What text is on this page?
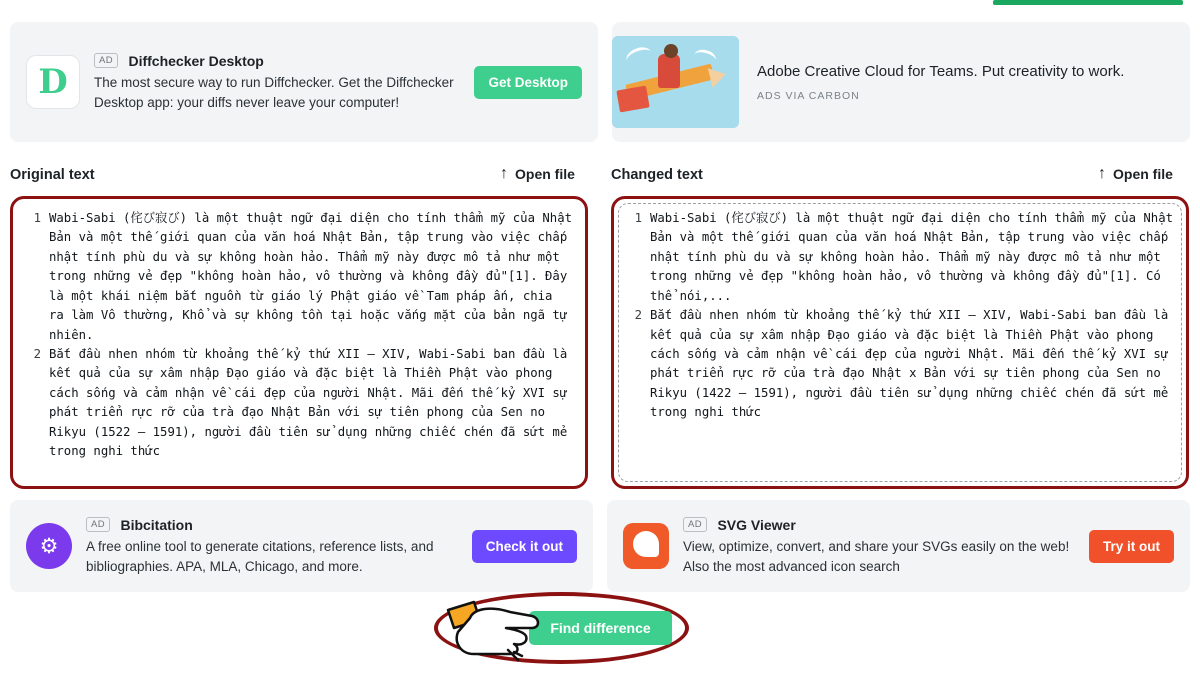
D
AD Diffchecker Desktop
The most secure way to run Diffchecker. Get the Diffchecker Desktop app: your diffs never leave your computer!
Get Desktop
Adobe Creative Cloud for Teams. Put creativity to work.
ADS VIA CARBON
Original text	↑ Open file Changed text	↑ Open file
1 Wabi-Sabi (侘び寂び) là một thuật ngữ đại diện cho tính thẩm mỹ của Nhật Bản và một thế giới quan của văn hoá Nhật Bản, tập trung vào việc chấp nhật tính phù du và sự không hoàn hảo. Thẩm mỹ này được mô tả như một trong những vẻ đẹp "không hoàn hảo, vô thường và không đầy đủ"[1]. Đây là một khái niệm bắt nguồn từ giáo lý Phật giáo về Tam pháp ấn, chia ra làm Vô thường, Khổ và sự không tồn tại hoặc vắng mặt của bản ngã tự nhiên.
2 Bắt đầu nhen nhóm từ khoảng thế kỷ thứ XII – XIV, Wabi-Sabi ban đầu là kết quả của sự xâm nhập Đạo giáo và đặc biệt là Thiền Phật vào phong cách sống và cảm nhận về cái đẹp của người Nhật. Mãi đến thế kỷ XVI sự phát triển rực rỡ của trà đạo Nhật Bản với sự tiên phong của Sen no Rikyu (1522 – 1591), người đầu tiên sử dụng những chiếc chén đã sứt mẻ trong nghi thức
1 Wabi-Sabi (侘び寂び) là một thuật ngữ đại diện cho tính thẩm mỹ của Nhật Bản và một thế giới quan của văn hoá Nhật Bản, tập trung vào việc chấp nhật tính phù du và sự không hoàn hảo. Thẩm mỹ này được mô tả như một trong những vẻ đẹp "không hoàn hảo, vô thường và không đầy đủ"[1]. Có thể nói,...
2 Bắt đầu nhen nhóm từ khoảng thế kỷ thứ XII – XIV, Wabi-Sabi ban đầu là kết quả của sự xâm nhập Đạo giáo và đặc biệt là Thiền Phật vào phong cách sống và cảm nhận về cái đẹp của người Nhật. Mãi đến thế kỷ XVI sự phát triển rực rỡ của trà đạo Nhật x Bản với sự tiên phong của Sen no Rikyu (1422 – 1591), người đầu tiên sử dụng những chiếc chén đã sứt mẻ trong nghi thức
⚙
AD Bibcitation
A free online tool to generate citations, reference lists, and bibliographies. APA, MLA, Chicago, and more.
Check it out
AD SVG Viewer
View, optimize, convert, and share your SVGs easily on the web! Also the most advanced icon search
Try it out
Find difference
